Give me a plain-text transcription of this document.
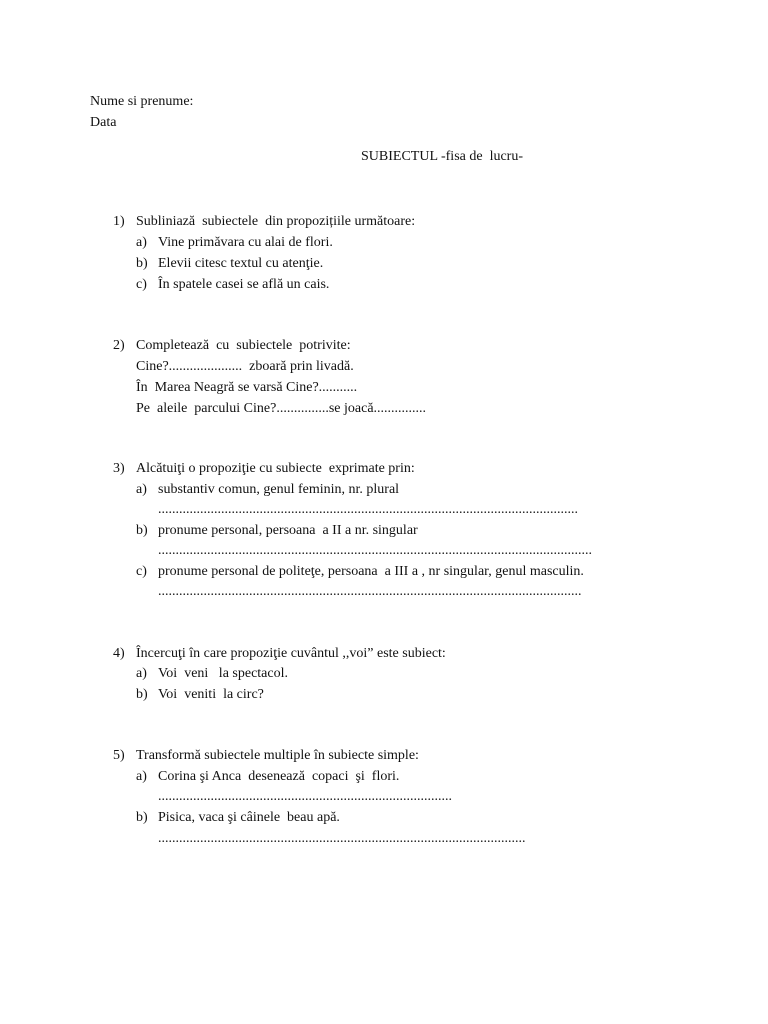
Nume si prenume:
Data
SUBIECTUL -fisa de  lucru-
1) Subliniază  subiectele  din propozițiile următoare:
a) Vine primăvara cu alai de flori.
b) Elevii citesc textul cu atenţie.
c) În spatele casei se află un cais.
2) Completează  cu  subiectele  potrivite:
Cine?.....................  zboară prin livadă.
În  Marea Neagră se varsă Cine?...........
Pe  aleile  parcului Cine?...............se joacă...............
3) Alcătuiţi o propoziţie cu subiecte  exprimate prin:
a) substantiv comun, genul feminin, nr. plural
........................................................................................................................
b) pronume personal, persoana  a II a nr. singular
............................................................................................................................
c) pronume personal de politeţe, persoana  a III a , nr singular, genul masculin.
.........................................................................................................................
4) Încercuţi în care propoziţie cuvântul ,,voi” este subiect:
a) Voi  veni   la spectacol.
b) Voi  veniti  la circ?
5) Transformă subiectele multiple în subiecte simple:
a) Corina şi Anca  desenează  copaci  şi  flori.
....................................................................................
b) Pisica, vaca şi câinele  beau apă.
.........................................................................................................
